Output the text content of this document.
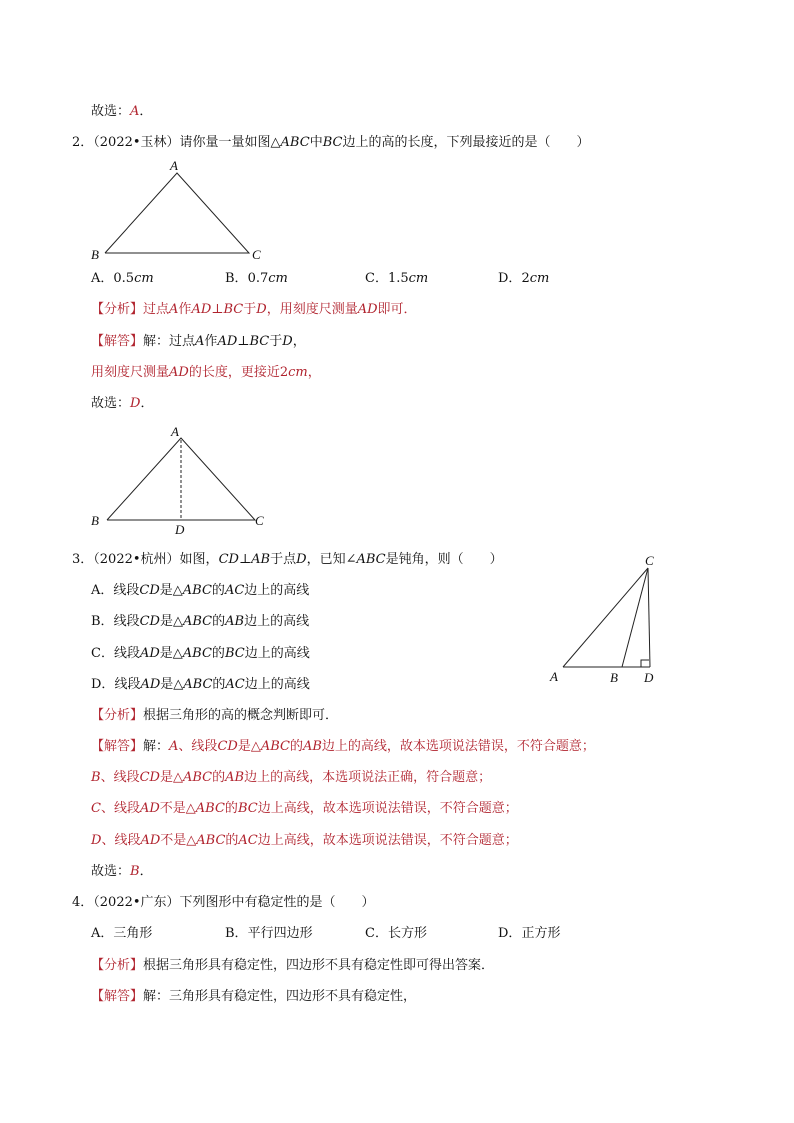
故选：A．
2．（2022•玉林）请你量一量如图△ABC中BC边上的高的长度，下列最接近的是（　　）
A
B	C
A．0.5cm	B．0.7cm	C．1.5cm	D．2cm
【分析】过点A作AD⊥BC于D，用刻度尺测量AD即可．
【解答】解：过点A作AD⊥BC于D，
用刻度尺测量AD的长度，更接近2cm，
故选：D．
A
B	C
D
3．（2022•杭州）如图，CD⊥AB于点D，已知∠ABC是钝角，则（　　）
A．线段CD是△ABC的AC边上的高线
B．线段CD是△ABC的AB边上的高线
C．线段AD是△ABC的BC边上的高线
D．线段AD是△ABC的AC边上的高线
C
A	B D
【分析】根据三角形的高的概念判断即可．
【解答】解：A、线段CD是△ABC的AB边上的高线，故本选项说法错误，不符合题意；
B、线段CD是△ABC的AB边上的高线，本选项说法正确，符合题意；
C、线段AD不是△ABC的BC边上高线，故本选项说法错误，不符合题意；
D、线段AD不是△ABC的AC边上高线，故本选项说法错误，不符合题意；
故选：B．
4．（2022•广东）下列图形中有稳定性的是（　　）
A．三角形	B．平行四边形	C．长方形	D．正方形
【分析】根据三角形具有稳定性，四边形不具有稳定性即可得出答案．
【解答】解：三角形具有稳定性，四边形不具有稳定性，
